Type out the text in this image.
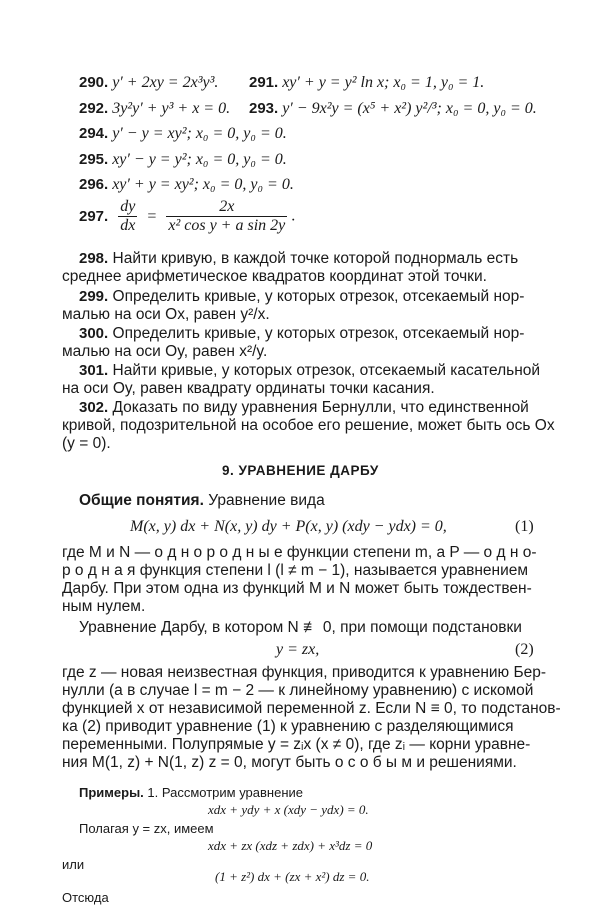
290. y′ + 2xy = 2x³y³. 291. xy′ + y = y² ln x; x₀ = 1, y₀ = 1.
292. 3y²y′ + y³ + x = 0. 293. y′ − 9x²y = (x⁵ + x²) y²/³; x₀ = 0, y₀ = 0.
294. y′ − y = xy²; x₀ = 0, y₀ = 0.
295. xy′ − y = y²; x₀ = 0, y₀ = 0.
296. xy′ + y = xy²; x₀ = 0, y₀ = 0.
297. $\frac{dy}{dx} = \frac{2x}{\text{x² cos y + a sin 2y}}$ .
298. Найти кривую, в каждой точке которой поднормаль есть
среднее арифметическое квадратов координат этой точки.
299. Определить кривые, у которых отрезок, отсекаемый нор-
малью на оси Ox, равен y²/x.
300. Определить кривые, у которых отрезок, отсекаемый нор-
малью на оси Oy, равен x²/y.
301. Найти кривые, у которых отрезок, отсекаемый касательной
на оси Oy, равен квадрату ординаты точки касания.
302. Доказать по виду уравнения Бернулли, что единственной
кривой, подозрительной на особое его решение, может быть ось Ox
(y = 0).
9. УРАВНЕНИЕ ДАРБУ
Общие понятия. Уравнение вида
M(x, y) dx + N(x, y) dy + P(x, y) (xdy − ydx) = 0,	(1)
где M и N — о д н о р о д н ы е функции степени m, а P — о д н о-
р о д н а я функция степени l (l ≠ m − 1), называется уравнением
Дарбу. При этом одна из функций M и N может быть тождествен-
ным нулем.
Уравнение Дарбу, в котором N ≢ 0, при помощи подстановки
y = zx,	(2)
где z — новая неизвестная функция, приводится к уравнению Бер-
нулли (а в случае l = m − 2 — к линейному уравнению) с искомой
функцией x от независимой переменной z. Если N ≡ 0, то подстанов-
ка (2) приводит уравнение (1) к уравнению с разделяющимися
переменными. Полупрямые y = zᵢx (x ≠ 0), где zᵢ — корни уравне-
ния M(1, z) + N(1, z) z = 0, могут быть о с о б ы м и решениями.
Примеры. 1. Рассмотрим уравнение
xdx + ydy + x (xdy − ydx) = 0.
Полагая y = zx, имеем
xdx + zx (xdz + zdx) + x³dz = 0
или
(1 + z²) dx + (zx + x²) dz = 0.
Отсюда
